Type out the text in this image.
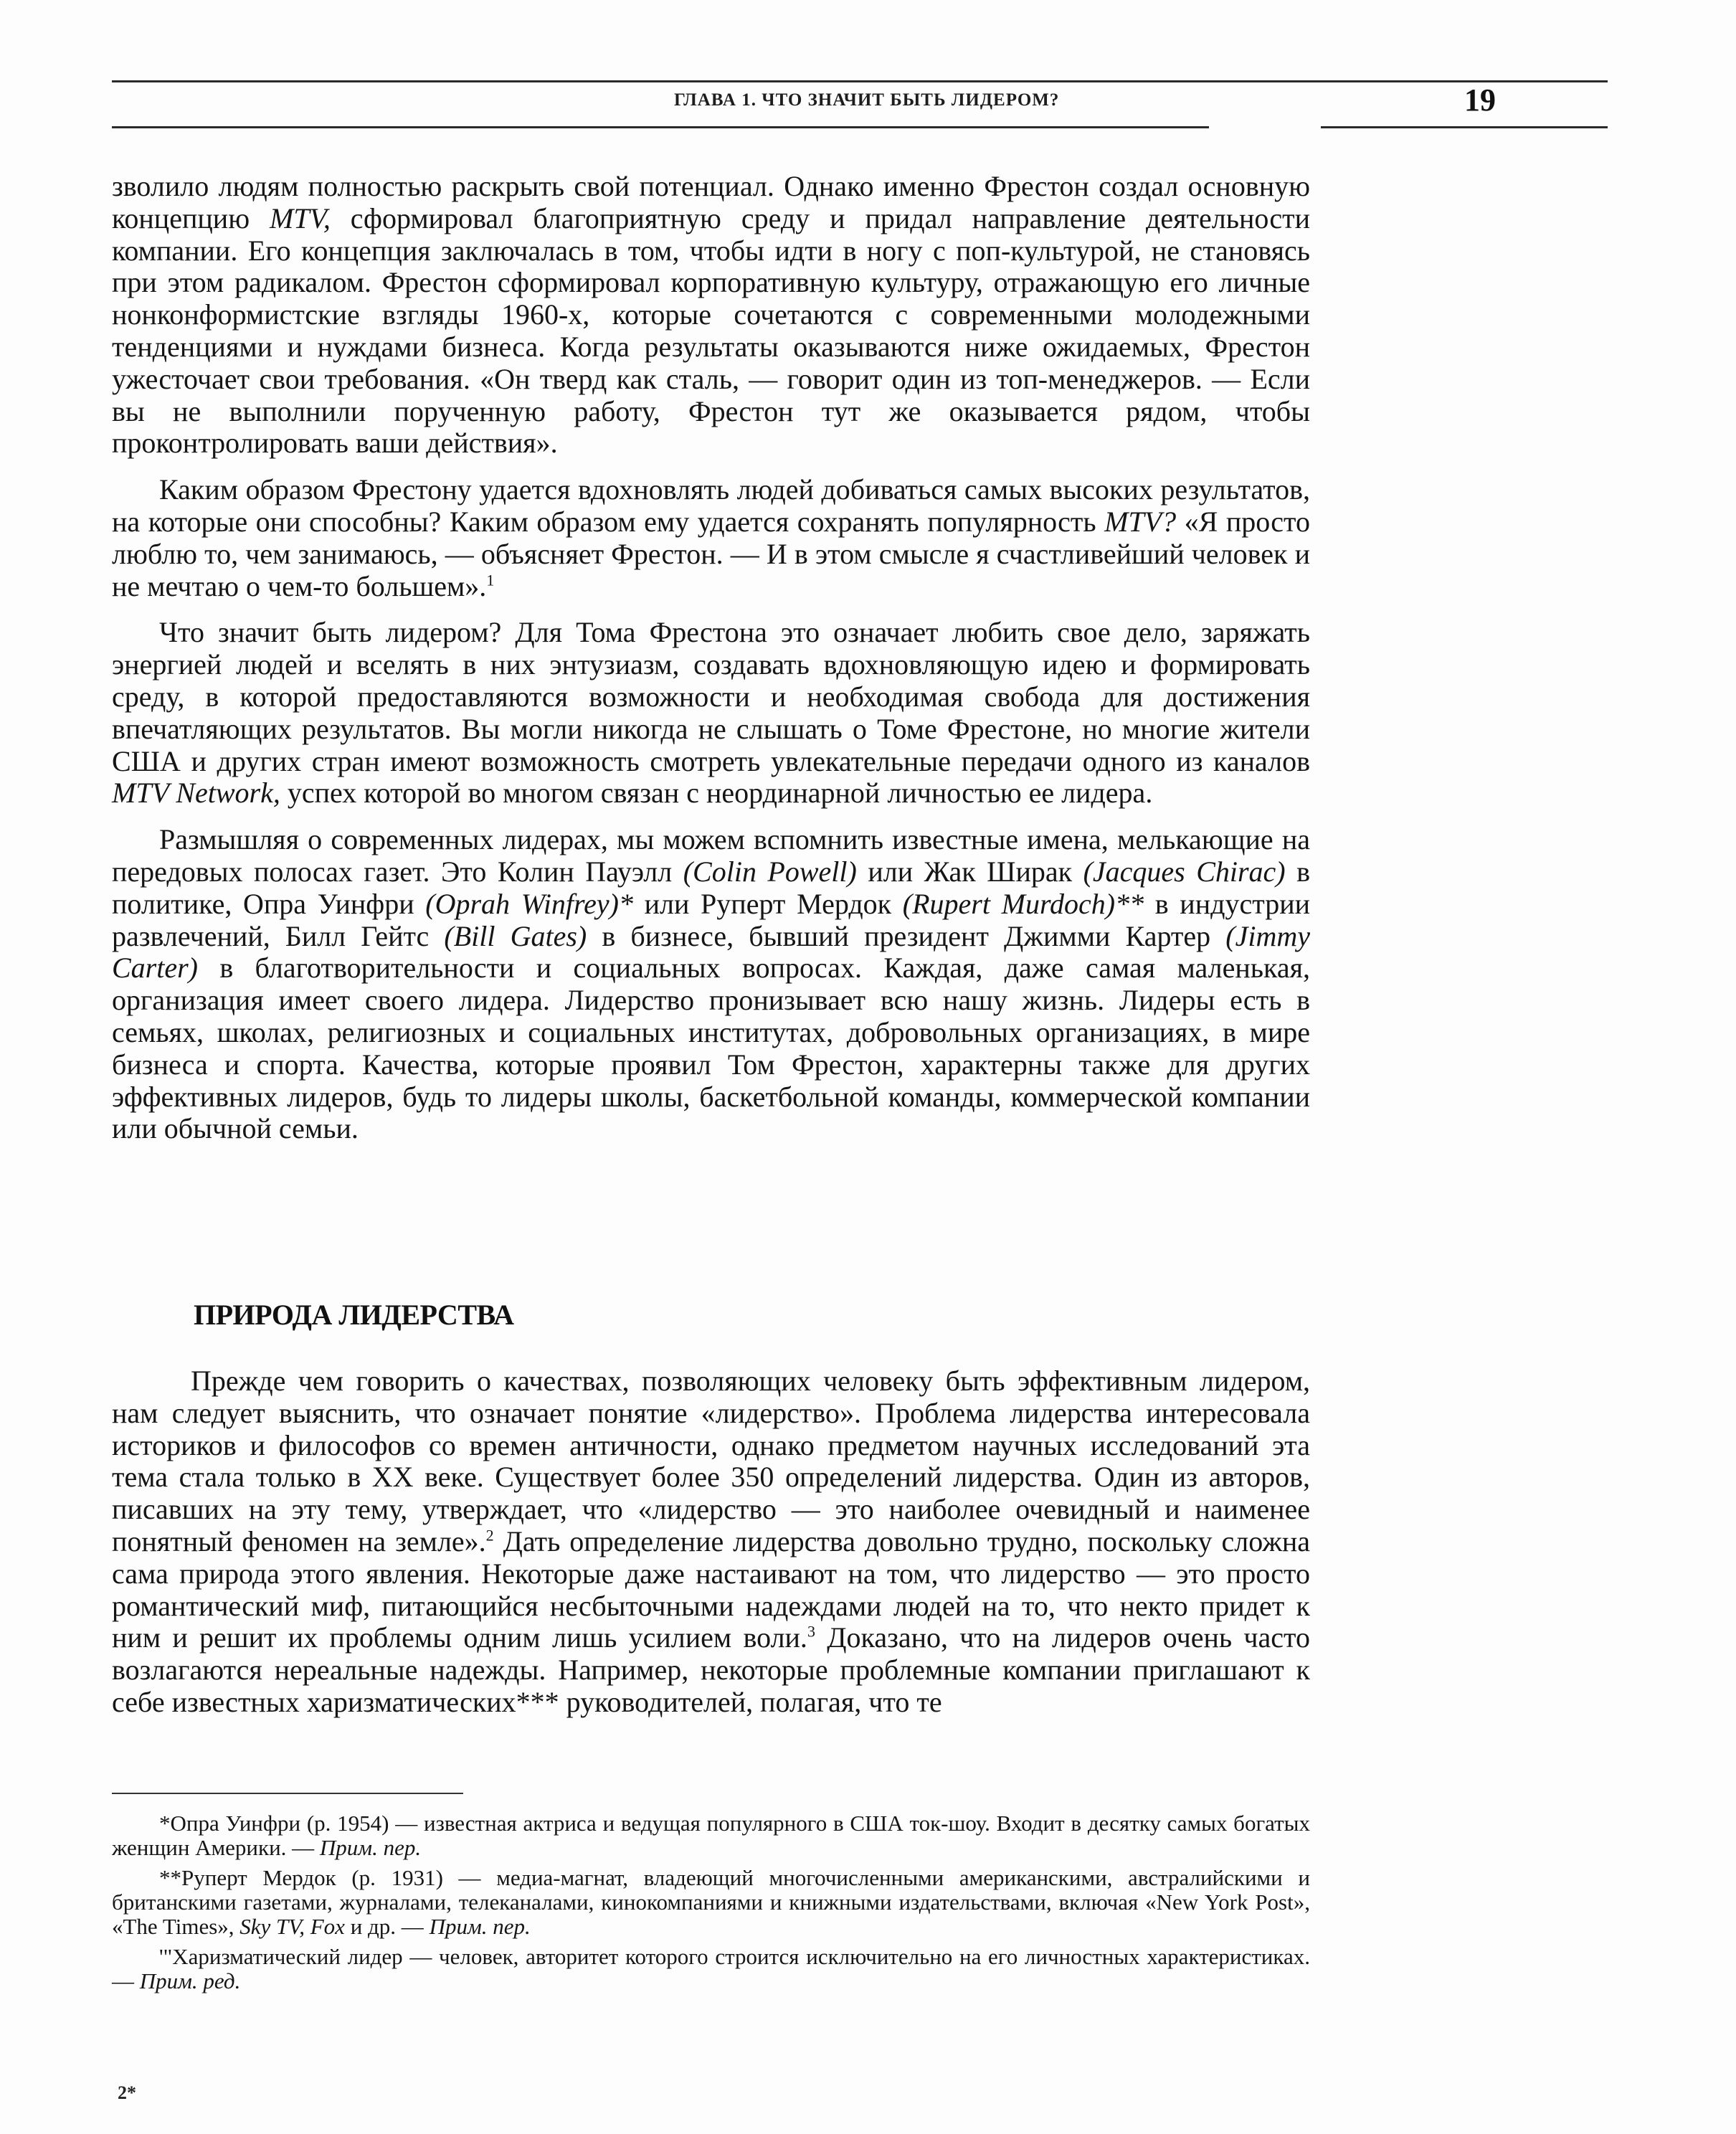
ГЛАВА 1. ЧТО ЗНАЧИТ БЫТЬ ЛИДЕРОМ?	19

зволило людям полностью раскрыть свой потенциал. Однако именно Фрестон создал основную концепцию MTV, сформировал благоприятную среду и придал направление деятельности компании. Его концепция заключалась в том, чтобы идти в ногу с поп-культурой, не становясь при этом радикалом. Фрестон сформировал корпоративную культуру, отражающую его личные нонконформистские взгляды 1960-х, которые сочетаются с современными молодежными тенденциями и нуждами бизнеса. Когда результаты оказываются ниже ожидаемых, Фрестон ужесточает свои требования. «Он тверд как сталь, — говорит один из топ-менеджеров. — Если вы не выполнили порученную работу, Фрестон тут же оказывается рядом, чтобы проконтролировать ваши действия».

Каким образом Фрестону удается вдохновлять людей добиваться самых высоких результатов, на которые они способны? Каким образом ему удается сохранять популярность MTV? «Я просто люблю то, чем занимаюсь, — объясняет Фрестон. — И в этом смысле я счастливейший человек и не мечтаю о чем-то большем».$^1$

Что значит быть лидером? Для Тома Фрестона это означает любить свое дело, заряжать энергией людей и вселять в них энтузиазм, создавать вдохновляющую идею и формировать среду, в которой предоставляются возможности и необходимая свобода для достижения впечатляющих результатов. Вы могли никогда не слышать о Томе Фрестоне, но многие жители США и других стран имеют возможность смотреть увлекательные передачи одного из каналов MTV Network, успех которой во многом связан с неординарной личностью ее лидера.

Размышляя о современных лидерах, мы можем вспомнить известные имена, мелькающие на передовых полосах газет. Это Колин Пауэлл (Colin Powell) или Жак Ширак (Jacques Chirac) в политике, Опра Уинфри (Oprah Winfrey)* или Руперт Мердок (Rupert Murdoch)** в индустрии развлечений, Билл Гейтс (Bill Gates) в бизнесе, бывший президент Джимми Картер (Jimmy Carter) в благотворительности и социальных вопросах. Каждая, даже самая маленькая, организация имеет своего лидера. Лидерство пронизывает всю нашу жизнь. Лидеры есть в семьях, школах, религиозных и социальных институтах, добровольных организациях, в мире бизнеса и спорта. Качества, которые проявил Том Фрестон, характерны также для других эффективных лидеров, будь то лидеры школы, баскетбольной команды, коммерческой компании или обычной семьи.

ПРИРОДА ЛИДЕРСТВА

Прежде чем говорить о качествах, позволяющих человеку быть эффективным лидером, нам следует выяснить, что означает понятие «лидерство». Проблема лидерства интересовала историков и философов со времен античности, однако предметом научных исследований эта тема стала только в XX веке. Существует более 350 определений лидерства. Один из авторов, писавших на эту тему, утверждает, что «лидерство — это наиболее очевидный и наименее понятный феномен на земле».$^2$ Дать определение лидерства довольно трудно, поскольку сложна сама природа этого явления. Некоторые даже настаивают на том, что лидерство — это просто романтический миф, питающийся несбыточными надеждами людей на то, что некто придет к ним и решит их проблемы одним лишь усилием воли.$^3$ Доказано, что на лидеров очень часто возлагаются нереальные надежды. Например, некоторые проблемные компании приглашают к себе известных харизматических*** руководителей, полагая, что те

*Опра Уинфри (р. 1954) — известная актриса и ведущая популярного в США ток-шоу. Входит в десятку самых богатых женщин Америки. — Прим. пер.

**Руперт Мердок (р. 1931) — медиа-магнат, владеющий многочисленными американскими, австралийскими и британскими газетами, журналами, телеканалами, кинокомпаниями и книжными издательствами, включая «New York Post», «The Times», Sky TV, Fox и др. — Прим. пер.

'"Харизматический лидер — человек, авторитет которого строится исключительно на его личностных характеристиках. — Прим. ред.

2*
